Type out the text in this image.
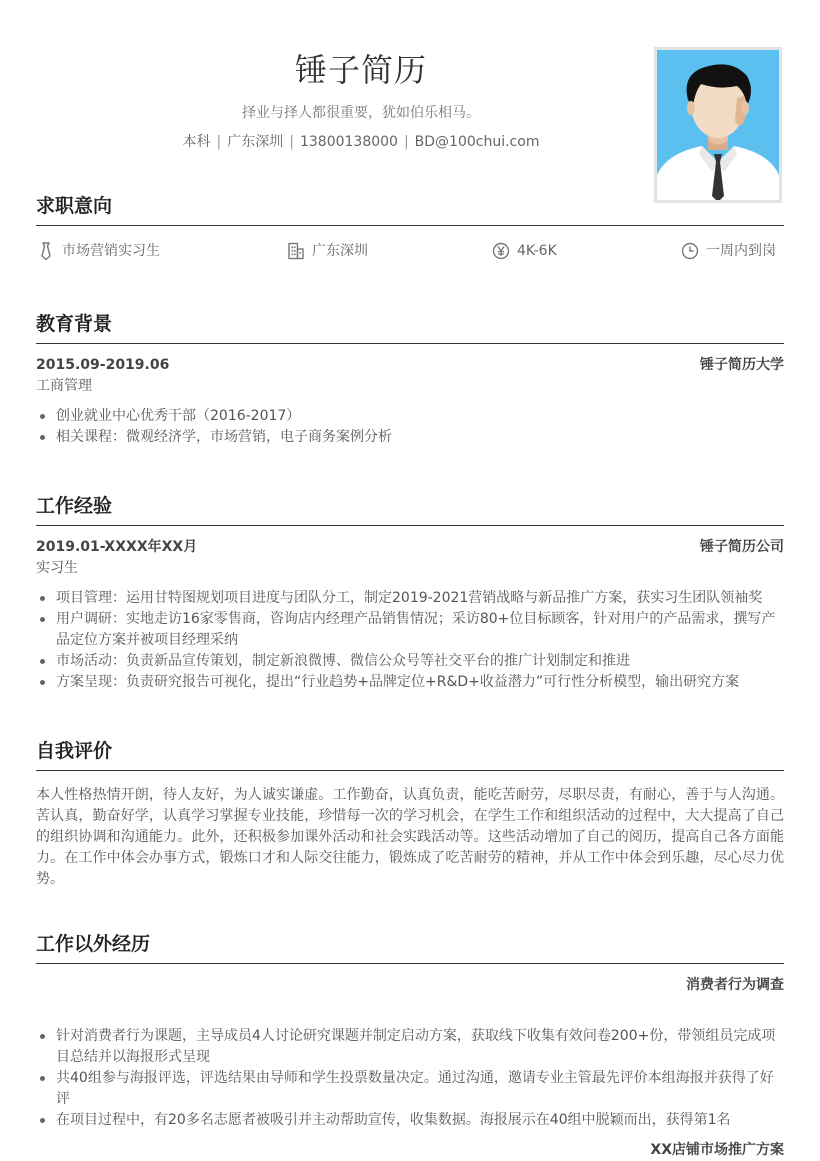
锤子简历
择业与择人都很重要，犹如伯乐相马。
本科 | 广东深圳 | 13800138000 | BD@100chui.com
求职意向
市场营销实习生	广东深圳	4K-6K	一周内到岗
教育背景
2015.09-2019.06	锤子简历大学
工商管理
创业就业中心优秀干部（2016-2017）
相关课程：微观经济学，市场营销，电子商务案例分析
工作经验
2019.01-XXXX年XX月	锤子简历公司
实习生
项目管理：运用甘特图规划项目进度与团队分工，制定2019-2021营销战略与新品推广方案，获实习生团队领袖奖
用户调研：实地走访16家零售商，咨询店内经理产品销售情况；采访80+位目标顾客，针对用户的产品需求，撰写产品定位方案并被项目经理采纳
市场活动：负责新品宣传策划，制定新浪微博、微信公众号等社交平台的推广计划制定和推进
方案呈现：负责研究报告可视化，提出“行业趋势+品牌定位+R&D+收益潜力”可行性分析模型，输出研究方案
自我评价
本人性格热情开朗，待人友好，为人诚实谦虚。工作勤奋，认真负责，能吃苦耐劳，尽职尽责，有耐心，善于与人沟通。苦认真，勤奋好学，认真学习掌握专业技能，珍惜每一次的学习机会，在学生工作和组织活动的过程中，大大提高了自己的组织协调和沟通能力。此外，还积极参加课外活动和社会实践活动等。这些活动增加了自己的阅历，提高自己各方面能力。在工作中体会办事方式，锻炼口才和人际交往能力，锻炼成了吃苦耐劳的精神，并从工作中体会到乐趣，尽心尽力优势。
工作以外经历
消费者行为调查
针对消费者行为课题，主导成员4人讨论研究课题并制定启动方案，获取线下收集有效问卷200+份，带领组员完成项目总结并以海报形式呈现
共40组参与海报评选，评选结果由导师和学生投票数量决定。通过沟通，邀请专业主管最先评价本组海报并获得了好评
在项目过程中，有20多名志愿者被吸引并主动帮助宣传，收集数据。海报展示在40组中脱颖而出，获得第1名
XX店铺市场推广方案
